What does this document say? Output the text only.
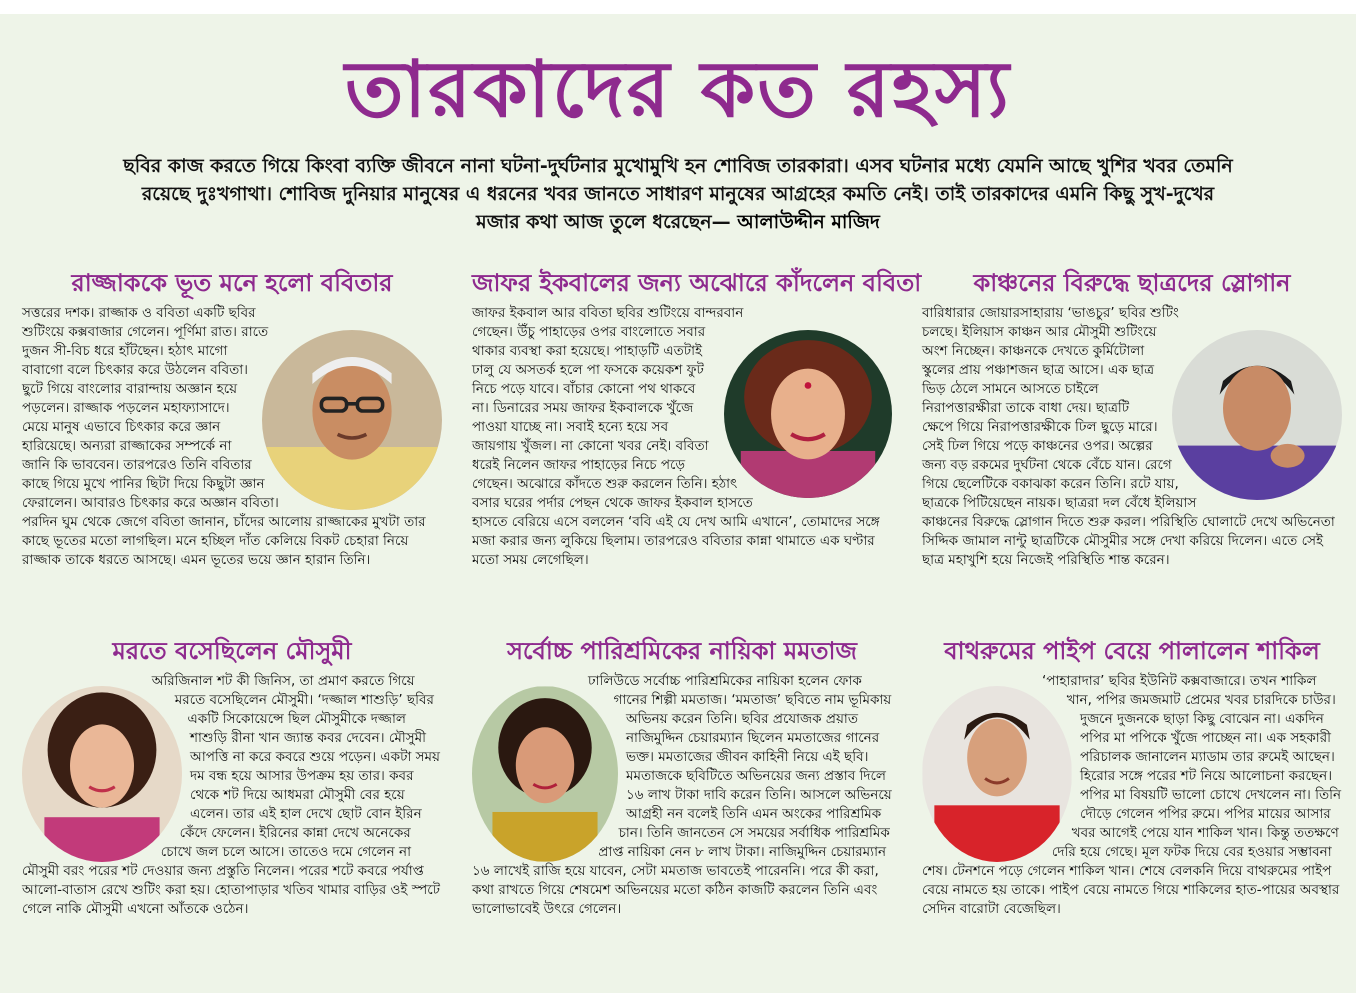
তারকাদের কত রহস্য
ছবির কাজ করতে গিয়ে কিংবা ব্যক্তি জীবনে নানা ঘটনা-দুর্ঘটনার মুখোমুখি হন শোবিজ তারকারা। এসব ঘটনার মধ্যে যেমনি আছে খুশির খবর তেমনি রয়েছে দুঃখগাথা। শোবিজ দুনিয়ার মানুষের এ ধরনের খবর জানতে সাধারণ মানুষের আগ্রহের কমতি নেই। তাই তারকাদের এমনি কিছু সুখ-দুখের মজার কথা আজ তুলে ধরেছেন— আলাউদ্দীন মাজিদ
রাজ্জাককে ভূত মনে হলো ববিতার

সত্তরের দশক। রাজ্জাক ও ববিতা একটি ছবির শুটিংয়ে কক্সবাজার গেলেন। পূর্ণিমা রাত। রাতে দুজন সী-বিচ ধরে হাঁটছেন। হঠাৎ মাগো বাবাগো বলে চিৎকার করে উঠলেন ববিতা। ছুটে গিয়ে বাংলোর বারান্দায় অজ্ঞান হয়ে পড়লেন। রাজ্জাক পড়লেন মহাফ্যাসাদে। মেয়ে মানুষ এভাবে চিৎকার করে জ্ঞান হারিয়েছে। অন্যরা রাজ্জাকের সম্পর্কে না জানি কি ভাববেন। তারপরেও তিনি ববিতার কাছে গিয়ে মুখে পানির ছিটা দিয়ে কিছুটা জ্ঞান ফেরালেন। আবারও চিৎকার করে অজ্ঞান ববিতা। পরদিন ঘুম থেকে জেগে ববিতা জানান, চাঁদের আলোয় রাজ্জাকের মুখটা তার কাছে ভূতের মতো লাগছিল। মনে হচ্ছিল দাঁত কেলিয়ে বিকট চেহারা নিয়ে রাজ্জাক তাকে ধরতে আসছে। এমন ভূতের ভয়ে জ্ঞান হারান তিনি।

জাফর ইকবালের জন্য অঝোরে কাঁদলেন ববিতা

জাফর ইকবাল আর ববিতা ছবির শুটিংয়ে বান্দরবান গেছেন। উঁচু পাহাড়ের ওপর বাংলোতে সবার থাকার ব্যবস্থা করা হয়েছে। পাহাড়টি এতটাই ঢালু যে অসতর্ক হলে পা ফসকে কয়েকশ ফুট নিচে পড়ে যাবে। বাঁচার কোনো পথ থাকবে না। ডিনারের সময় জাফর ইকবালকে খুঁজে পাওয়া যাচ্ছে না। সবাই হন্যে হয়ে সব জায়গায় খুঁজল। না কোনো খবর নেই। ববিতা ধরেই নিলেন জাফর পাহাড়ের নিচে পড়ে গেছেন। অঝোরে কাঁদতে শুরু করলেন তিনি। হঠাৎ বসার ঘরের পর্দার পেছন থেকে জাফর ইকবাল হাসতে হাসতে বেরিয়ে এসে বললেন ‘ববি এই যে দেখ আমি এখানে’, তোমাদের সঙ্গে মজা করার জন্য লুকিয়ে ছিলাম। তারপরেও ববিতার কান্না থামাতে এক ঘণ্টার মতো সময় লেগেছিল।

কাঞ্চনের বিরুদ্ধে ছাত্রদের স্লোগান

বারিধারার জোয়ারসাহারায় ‘ভাঙচুর’ ছবির শুটিং চলছে। ইলিয়াস কাঞ্চন আর মৌসুমী শুটিংয়ে অংশ নিচ্ছেন। কাঞ্চনকে দেখতে কুর্মিটোলা স্কুলের প্রায় পঞ্চাশজন ছাত্র আসে। এক ছাত্র ভিড় ঠেলে সামনে আসতে চাইলে নিরাপত্তারক্ষীরা তাকে বাধা দেয়। ছাত্রটি ক্ষেপে গিয়ে নিরাপত্তারক্ষীকে ঢিল ছুড়ে মারে। সেই ঢিল গিয়ে পড়ে কাঞ্চনের ওপর। অল্পের জন্য বড় রকমের দুর্ঘটনা থেকে বেঁচে যান। রেগে গিয়ে ছেলেটিকে বকাঝকা করেন তিনি। রটে যায়, ছাত্রকে পিটিয়েছেন নায়ক। ছাত্ররা দল বেঁধে ইলিয়াস কাঞ্চনের বিরুদ্ধে স্লোগান দিতে শুরু করল। পরিস্থিতি ঘোলাটে দেখে অভিনেতা সিদ্দিক জামাল নান্টু ছাত্রটিকে মৌসুমীর সঙ্গে দেখা করিয়ে দিলেন। এতে সেই ছাত্র মহাখুশি হয়ে নিজেই পরিস্থিতি শান্ত করেন।

মরতে বসেছিলেন মৌসুমী

অরিজিনাল শট কী জিনিস, তা প্রমাণ করতে গিয়ে মরতে বসেছিলেন মৌসুমী। ‘দজ্জাল শাশুড়ি’ ছবির একটি সিকোয়েন্সে ছিল মৌসুমীকে দজ্জাল শাশুড়ি রীনা খান জ্যান্ত কবর দেবেন। মৌসুমী আপত্তি না করে কবরে শুয়ে পড়েন। একটা সময় দম বন্ধ হয়ে আসার উপক্রম হয় তার। কবর থেকে শট দিয়ে আধমরা মৌসুমী বের হয়ে এলেন। তার এই হাল দেখে ছোট বোন ইরিন কেঁদে ফেলেন। ইরিনের কান্না দেখে অনেকের চোখে জল চলে আসে। তাতেও দমে গেলেন না মৌসুমী বরং পরের শট দেওয়ার জন্য প্রস্তুতি নিলেন। পরের শটে কবরে পর্যাপ্ত আলো-বাতাস রেখে শুটিং করা হয়। হোতাপাড়ার খতিব খামার বাড়ির ওই স্পটে গেলে নাকি মৌসুমী এখনো আঁতকে ওঠেন।

সর্বোচ্চ পারিশ্রমিকের নায়িকা মমতাজ

ঢালিউডে সর্বোচ্চ পারিশ্রমিকের নায়িকা হলেন ফোক গানের শিল্পী মমতাজ। ‘মমতাজ’ ছবিতে নাম ভূমিকায় অভিনয় করেন তিনি। ছবির প্রযোজক প্রয়াত নাজিমুদ্দিন চেয়ারম্যান ছিলেন মমতাজের গানের ভক্ত। মমতাজের জীবন কাহিনী নিয়ে এই ছবি। মমতাজকে ছবিটিতে অভিনয়ের জন্য প্রস্তাব দিলে ১৬ লাখ টাকা দাবি করেন তিনি। আসলে অভিনয়ে আগ্রহী নন বলেই তিনি এমন অংকের পারিশ্রমিক চান। তিনি জানতেন সে সময়ের সর্বাধিক পারিশ্রমিক প্রাপ্ত নায়িকা নেন ৮ লাখ টাকা। নাজিমুদ্দিন চেয়ারম্যান ১৬ লাখেই রাজি হয়ে যাবেন, সেটা মমতাজ ভাবতেই পারেননি। পরে কী করা, কথা রাখতে গিয়ে শেষমেশ অভিনয়ের মতো কঠিন কাজটি করলেন তিনি এবং ভালোভাবেই উৎরে গেলেন।

বাথরুমের পাইপ বেয়ে পালালেন শাকিল

‘পাহারাদার’ ছবির ইউনিট কক্সবাজারে। তখন শাকিল খান, পপির জমজমাট প্রেমের খবর চারদিকে চাউর। দুজনে দুজনকে ছাড়া কিছু বোঝেন না। একদিন পপির মা পপিকে খুঁজে পাচ্ছেন না। এক সহকারী পরিচালক জানালেন ম্যাডাম তার রুমেই আছেন। হিরোর সঙ্গে পরের শট নিয়ে আলোচনা করছেন। পপির মা বিষয়টি ভালো চোখে দেখলেন না। তিনি দৌড়ে গেলেন পপির রুমে। পপির মায়ের আসার খবর আগেই পেয়ে যান শাকিল খান। কিন্তু ততক্ষণে দেরি হয়ে গেছে। মূল ফটক দিয়ে বের হওয়ার সম্ভাবনা শেষ। টেনশনে পড়ে গেলেন শাকিল খান। শেষে বেলকনি দিয়ে বাথরুমের পাইপ বেয়ে নামতে হয় তাকে। পাইপ বেয়ে নামতে গিয়ে শাকিলের হাত-পায়ের অবস্থার সেদিন বারোটা বেজেছিল।
